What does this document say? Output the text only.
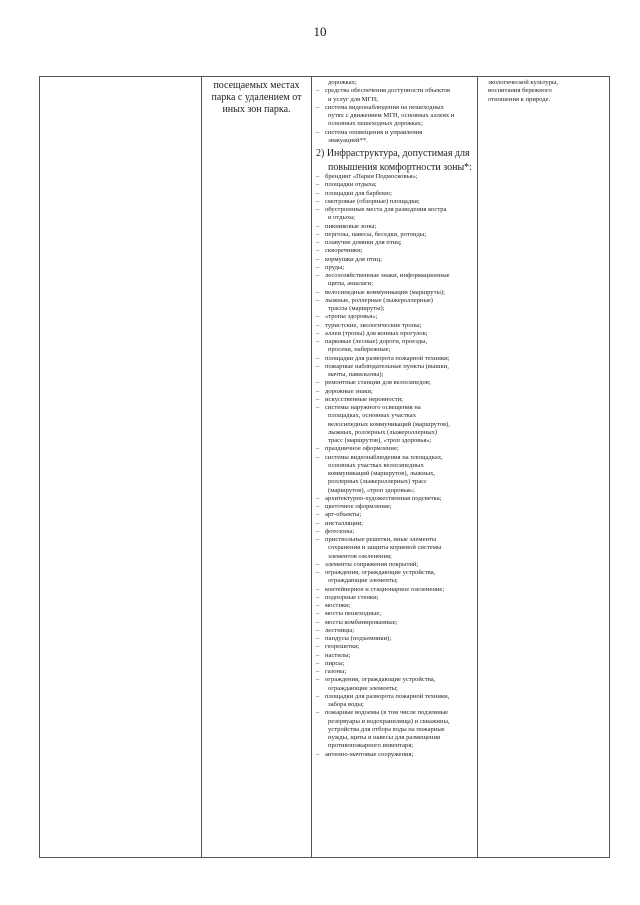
10
посещаемых местах
парка с удалением от
иных зон парка.
дорожках;
– средства обеспечения доступности объектов
и услуг для МГН;
– система видеонаблюдения на пешеходных
путях с движением МГН, основных аллеях и
основных пешеходных дорожках;
– система оповещения и управления
эвакуацией**.
2) Инфраструктура, допустимая для
повышения комфортности зоны*:
– брендинг «Парки Подмосковья»;
– площадки отдыха;
– площадки для барбекю;
– смотровые (обзорные) площадки;
– обустроенные места для разведения костра
и отдыха;
– пикниковые зоны;
– перголы, навесы, беседки, ротонды;
– плавучие домики для птиц;
– скворечники;
– кормушки для птиц;
– пруды;
– лесохозяйственные знаки, информационные
щиты, аншлаги;
– велосипедные коммуникации (маршруты);
– лыжные, роллерные (лыжероллерные)
трассы (маршруты);
– «тропы здоровья»;
– туристские, экологические тропы;
– аллеи (тропы) для конных прогулок;
– парковые (лесные) дороги, проезды,
просеки, набережные;
– площадки для разворота пожарной техники;
– пожарные наблюдательные пункты (вышки,
мачты, павильоны);
– ремонтные станции для велосипедов;
– дорожные знаки;
– искусственные неровности;
– системы наружного освещения на
площадках, основных участках
велосипедных коммуникаций (маршрутов),
лыжных, роллерных (лыжероллерных)
трасс (маршрутов), «троп здоровья»;
– праздничное оформление;
– системы видеонаблюдения на площадках,
основных участках велосипедных
коммуникаций (маршрутов), лыжных,
роллерных (лыжероллерных) трасс
(маршрутов), «троп здоровья»;
– архитектурно-художественная подсветка;
– цветочное оформление;
– арт-объекты;
– инсталляции;
– фотозоны;
– приствольные решетки, иные элементы
сохранения и защиты корневой системы
элементов озеленения;
– элементы сопряжения покрытий;
– ограждения, ограждающие устройства,
ограждающие элементы;
– контейнерное и стационарное озеленение;
– подпорные стенки;
– мостики;
– мосты пешеходные;
– мосты комбинированные;
– лестницы;
– пандусы (подъемники);
– георешетки;
– настилы;
– пирсы;
– газоны;
– ограждения, ограждающие устройства,
ограждающие элементы;
– площадки для разворота пожарной техники,
забора воды;
– пожарные водоемы (в том числе подземные
резервуары и водохранилища) и скважины,
устройства для отбора воды на пожарные
нужды, щиты и навесы для размещения
противопожарного инвентаря;
– антенно-мачтовые сооружения;
экологической культуры,
воспитания бережного
отношения к природе.
